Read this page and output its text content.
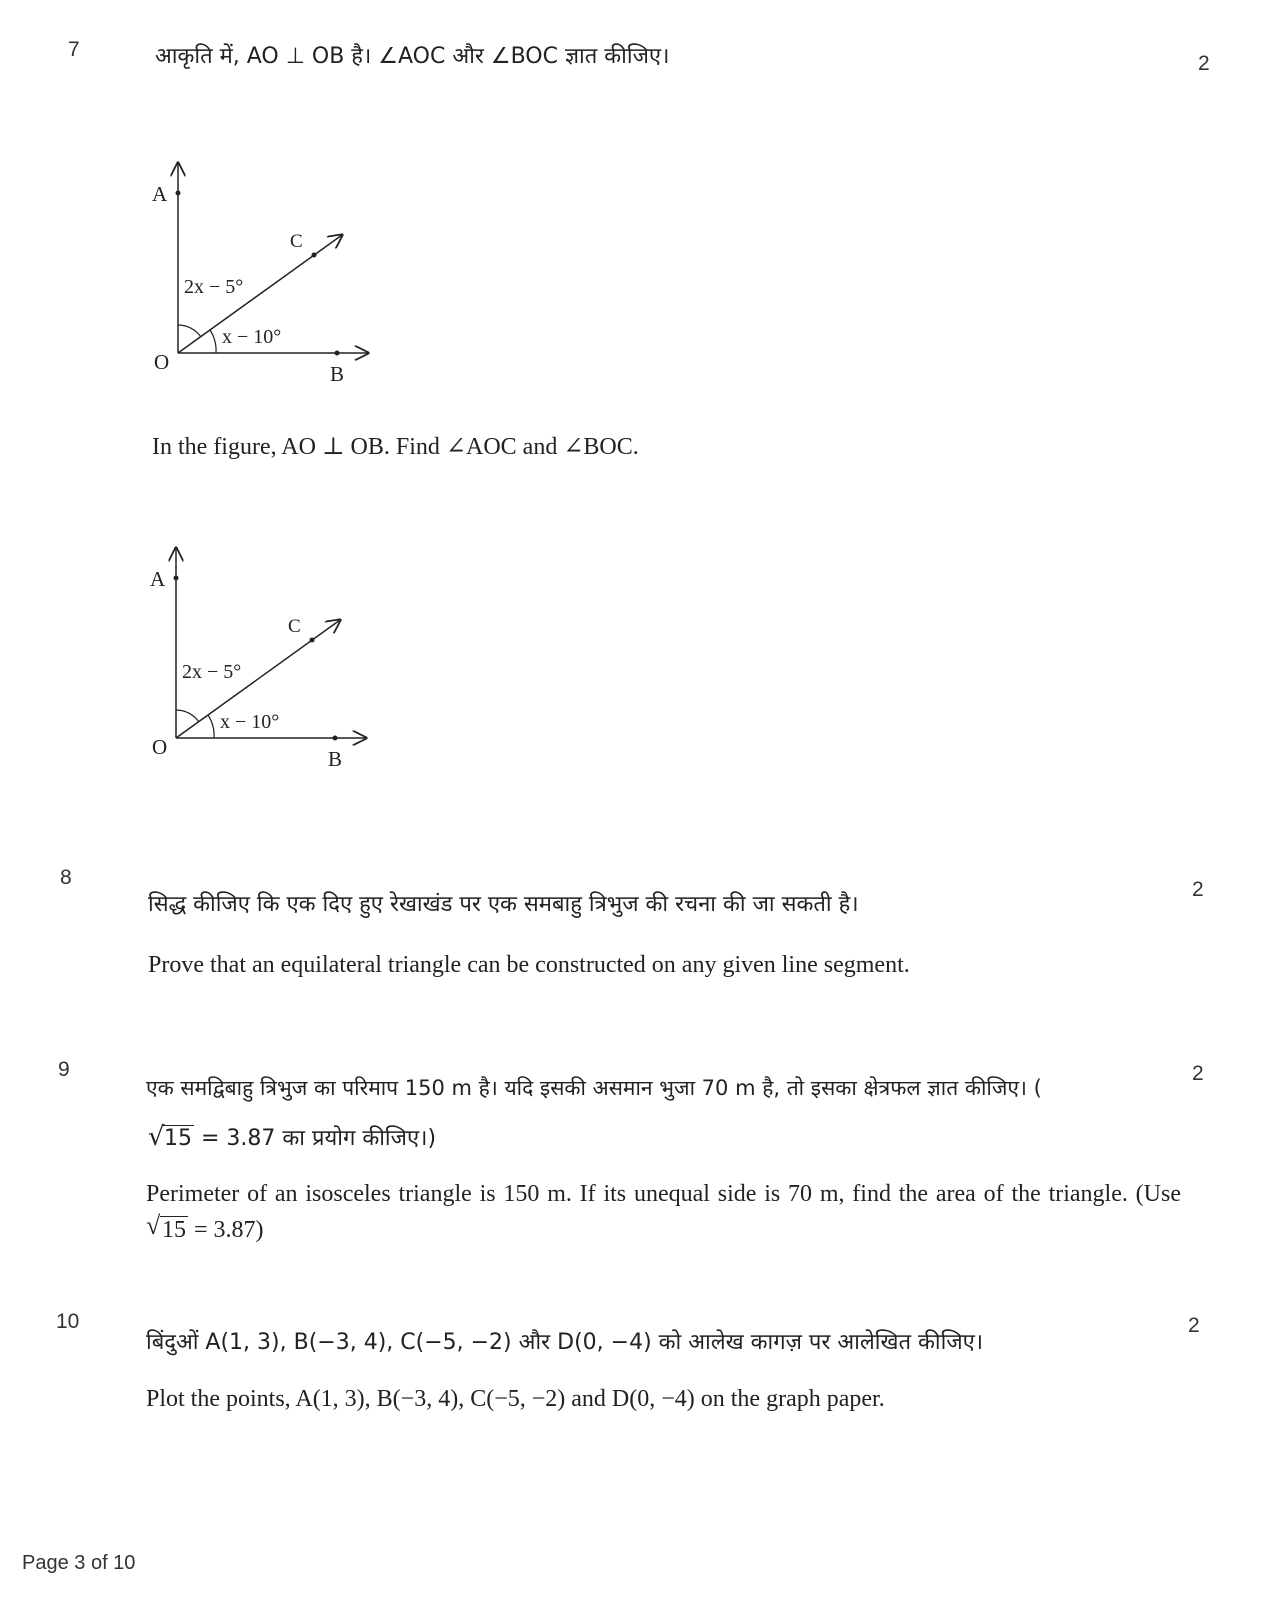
7	आकृति में, AO ⊥ OB है। ∠AOC और ∠BOC ज्ञात कीजिए।	2
A
B
C
O
2x − 5°
x − 10°
In the figure, AO ⊥ OB. Find ∠AOC and ∠BOC.
A
B
C
O
2x − 5°
x − 10°
8
सिद्ध कीजिए कि एक दिए हुए रेखाखंड पर एक समबाहु त्रिभुज की रचना की जा सकती है।
2
Prove that an equilateral triangle can be constructed on any given line segment.
9
एक समद्विबाहु त्रिभुज का परिमाप 150 m है। यदि इसकी असमान भुजा 70 m है, तो इसका क्षेत्रफल ज्ञात कीजिए। (
2
√ 15 = 3.87 का प्रयोग कीजिए।)
Perimeter of an isosceles triangle is 150 m. If its unequal side is 70 m, find the area of the triangle. (Use
√ 15 = 3.87)
10
बिंदुओं A(1, 3), B(−3, 4), C(−5, −2) और D(0, −4) को आलेख कागज़ पर आलेखित कीजिए।
2
Plot the points, A(1, 3), B(−3, 4), C(−5, −2) and D(0, −4) on the graph paper.
Page 3 of 10
